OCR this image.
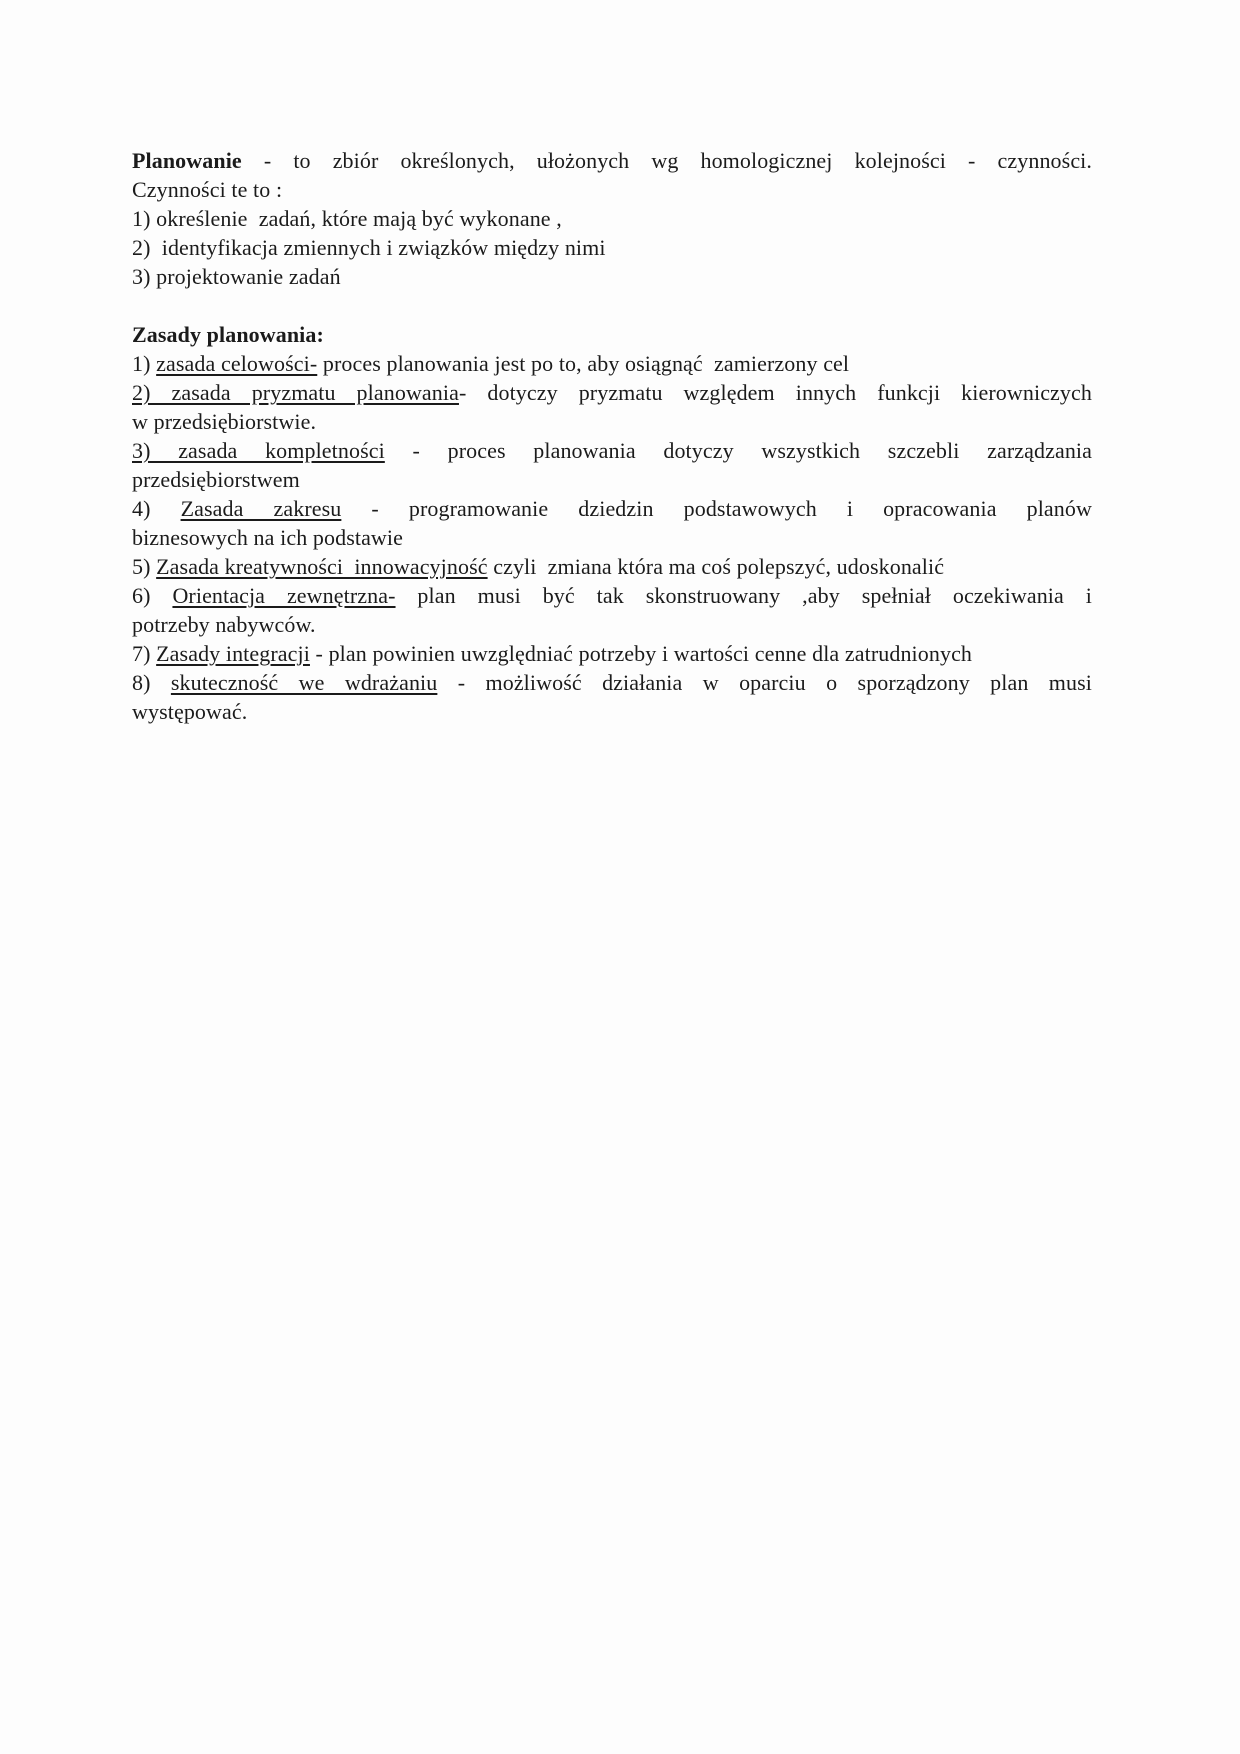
Planowanie - to zbiór określonych, ułożonych wg homologicznej kolejności - czynności.

Czynności te to :

1) określenie  zadań, które mają być wykonane ,

2)  identyfikacja zmiennych i związków między nimi

3) projektowanie zadań

Zasady planowania:

1) zasada celowości- proces planowania jest po to, aby osiągnąć  zamierzony cel

2) zasada pryzmatu planowania- dotyczy pryzmatu względem innych funkcji kierowniczych

w przedsiębiorstwie.

3) zasada kompletności - proces planowania dotyczy wszystkich szczebli zarządzania

przedsiębiorstwem

4) Zasada zakresu - programowanie dziedzin podstawowych i opracowania planów

biznesowych na ich podstawie

5) Zasada kreatywności  innowacyjność czyli  zmiana która ma coś polepszyć, udoskonalić

6) Orientacja zewnętrzna- plan musi być tak skonstruowany ,aby spełniał oczekiwania i

potrzeby nabywców.

7) Zasady integracji - plan powinien uwzględniać potrzeby i wartości cenne dla zatrudnionych

8) skuteczność we wdrażaniu - możliwość działania w oparciu o sporządzony plan musi

występować.
